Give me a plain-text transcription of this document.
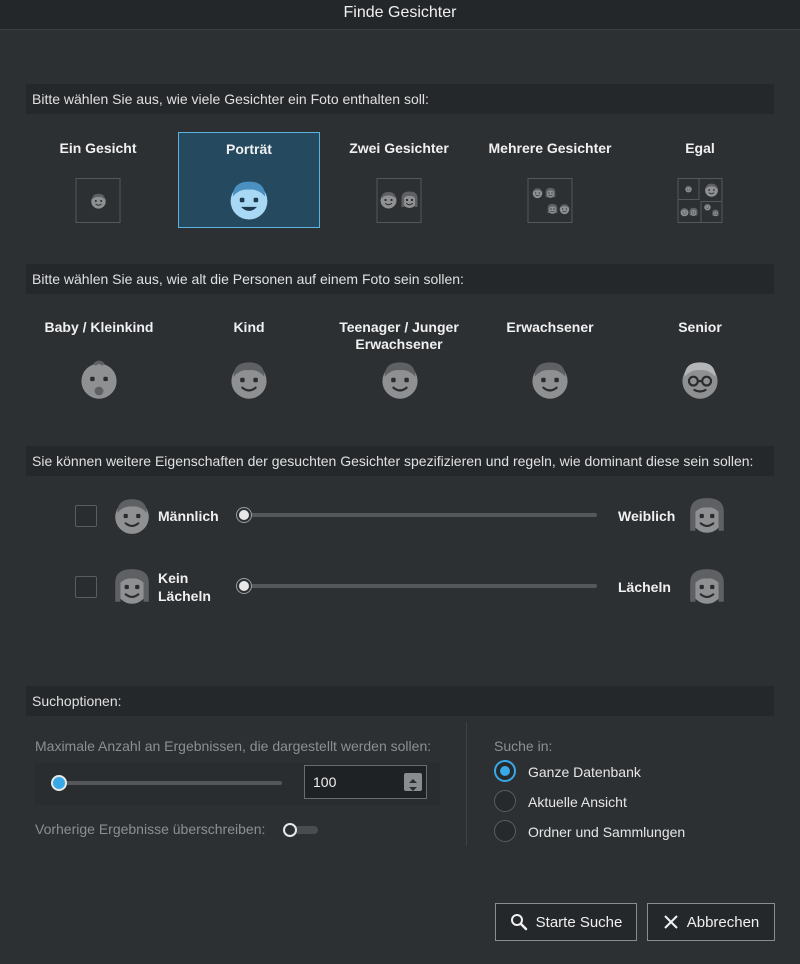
Finde Gesichter
Bitte wählen Sie aus, wie viele Gesichter ein Foto enthalten soll:
Ein Gesicht	Porträt	Zwei Gesichter	Mehrere Gesichter	Egal
Bitte wählen Sie aus, wie alt die Personen auf einem Foto sein sollen:
Baby / Kleinkind	Kind	Teenager / Junger Erwachsener
Erwachsener	Senior
Sie können weitere Eigenschaften der gesuchten Gesichter spezifizieren und regeln, wie dominant diese sein sollen:
Männlich	Weiblich
Kein Lächeln
Lächeln
Suchoptionen:
Maximale Anzahl an Ergebnissen, die dargestellt werden sollen:
100
Vorherige Ergebnisse überschreiben:
Suche in:
Ganze Datenbank
Aktuelle Ansicht
Ordner und Sammlungen
Starte Suche	Abbrechen
